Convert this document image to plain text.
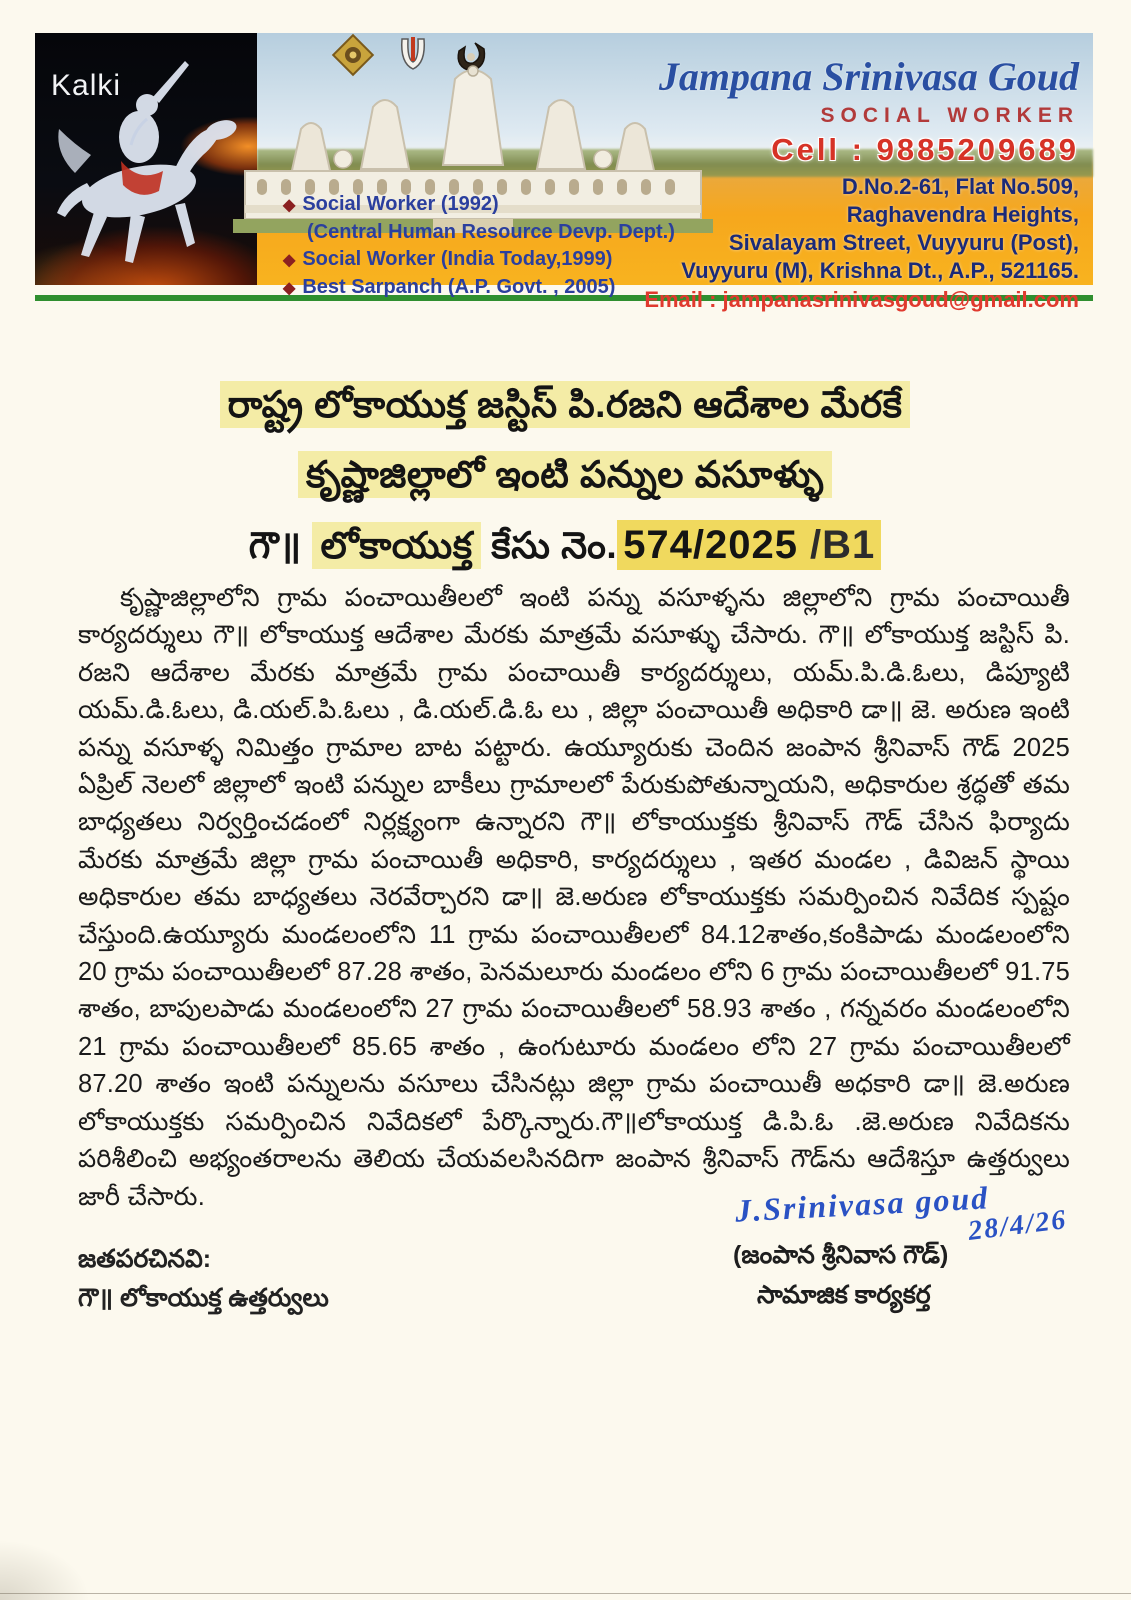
Kalki	Jampana Srinivasa Goud
SOCIAL WORKER
Cell : 9885209689
D.No.2-61, Flat No.509,
Raghavendra Heights,
Sivalayam Street, Vuyyuru (Post),
Vuyyuru (M), Krishna Dt., A.P., 521165.
Email : jampanasrinivasgoud@gmail.com
◆ Social Worker (1992)
(Central Human Resource Devp. Dept.)
◆ Social Worker (India Today,1999)
◆ Best Sarpanch (A.P. Govt. , 2005)
రాష్ట్ర లోకాయుక్త జస్టిస్ పి.రజని ఆదేశాల మేరకే
కృష్ణాజిల్లాలో ఇంటి పన్నుల వసూళ్ళు
గౌ॥ లోకాయుక్త కేసు నెం. 574/2025 /B1

కృష్ణాజిల్లాలోని గ్రామ పంచాయితీలలో ఇంటి పన్ను వసూళ్ళను జిల్లాలోని గ్రామ పంచాయితీ కార్యదర్శులు గౌ॥ లోకాయుక్త ఆదేశాల మేరకు మాత్రమే వసూళ్ళు చేసారు. గౌ॥ లోకాయుక్త జస్టిస్ పి. రజని ఆదేశాల మేరకు మాత్రమే గ్రామ పంచాయితీ కార్యదర్శులు, యమ్.పి.డి.ఓలు, డిప్యూటి యమ్.డి.ఓలు, డి.యల్.పి.ఓలు , డి.యల్.డి.ఓ లు , జిల్లా పంచాయితీ అధికారి డా॥ జె. అరుణ ఇంటి పన్ను వసూళ్ళ నిమిత్తం గ్రామాల బాట పట్టారు. ఉయ్యూరుకు చెందిన జంపాన శ్రీనివాస్ గౌడ్ 2025 ఏప్రిల్ నెలలో జిల్లాలో ఇంటి పన్నుల బాకీలు గ్రామాలలో పేరుకుపోతున్నాయని, అధికారుల శ్రద్ధతో తమ బాధ్యతలు నిర్వర్తించడంలో నిర్లక్ష్యంగా ఉన్నారని గౌ॥ లోకాయుక్తకు శ్రీనివాస్ గౌడ్ చేసిన ఫిర్యాదు మేరకు మాత్రమే జిల్లా గ్రామ పంచాయితీ అధికారి, కార్యదర్శులు , ఇతర మండల , డివిజన్ స్థాయి అధికారుల తమ బాధ్యతలు నెరవేర్చారని డా॥ జె.అరుణ లోకాయుక్తకు సమర్పించిన నివేదిక స్పష్టం చేస్తుంది.ఉయ్యూరు మండలంలోని 11 గ్రామ పంచాయితీలలో 84.12శాతం,కంకిపాడు మండలంలోని 20 గ్రామ పంచాయితీలలో 87.28 శాతం, పెనమలూరు మండలం లోని 6 గ్రామ పంచాయితీలలో 91.75 శాతం, బాపులపాడు మండలంలోని 27 గ్రామ పంచాయితీలలో 58.93 శాతం , గన్నవరం మండలంలోని 21 గ్రామ పంచాయితీలలో 85.65 శాతం , ఉంగుటూరు మండలం లోని 27 గ్రామ పంచాయితీలలో 87.20 శాతం ఇంటి పన్నులను వసూలు చేసినట్లు జిల్లా గ్రామ పంచాయితీ అధకారి డా॥ జె.అరుణ లోకాయుక్తకు సమర్పించిన నివేదికలో పేర్కొన్నారు.గౌ॥లోకాయుక్త డి.పి.ఓ .జె.అరుణ నివేదికను పరిశీలించి అభ్యంతరాలను తెలియ చేయవలసినదిగా జంపాన శ్రీనివాస్ గౌడ్‌ను ఆదేశిస్తూ ఉత్తర్వులు జారీ చేసారు.

జతపరచినవి:
గౌ॥ లోకాయుక్త ఉత్తర్వులు
J.Srinivasa goud
28/4/26
(జంపాన శ్రీనివాస గౌడ్)
సామాజిక కార్యకర్త
